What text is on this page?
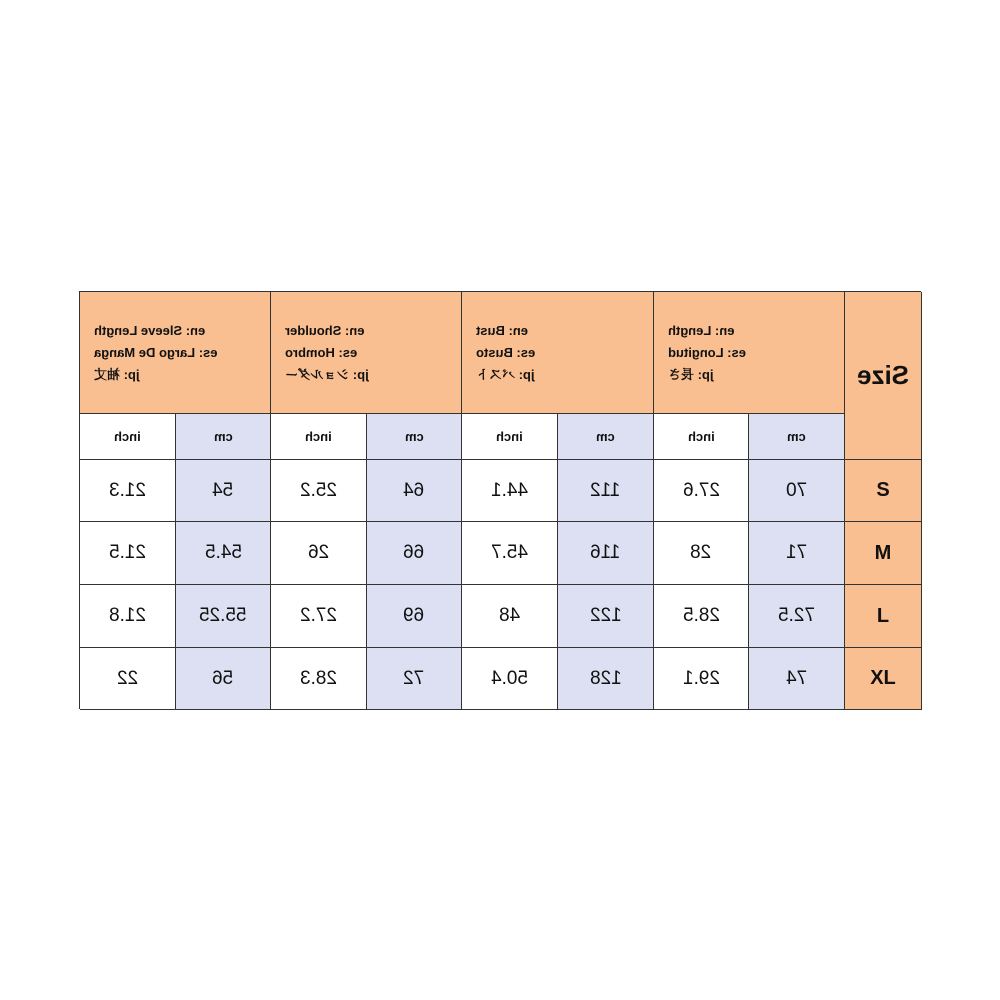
en: Sleeve Length
es: Largo De Manga
jp: 袖丈
en: Shoulder
es: Hombro
jp: ショルダー
en: Bust
es: Busto
jp: バスト
en: Length
es: Longitud
jp: 長さ	Size
inch	cm	inch	cm	inch	cm	inch	cm
21.3	54	25.2	64	44.1	112	27.6	70	S
21.5	54.5	26	66	45.7	116	28	71	M
21.8	55.25	27.2	69	48	122	28.5	72.5	L
22	56	28.3	72	50.4	128	29.1	74	XL
